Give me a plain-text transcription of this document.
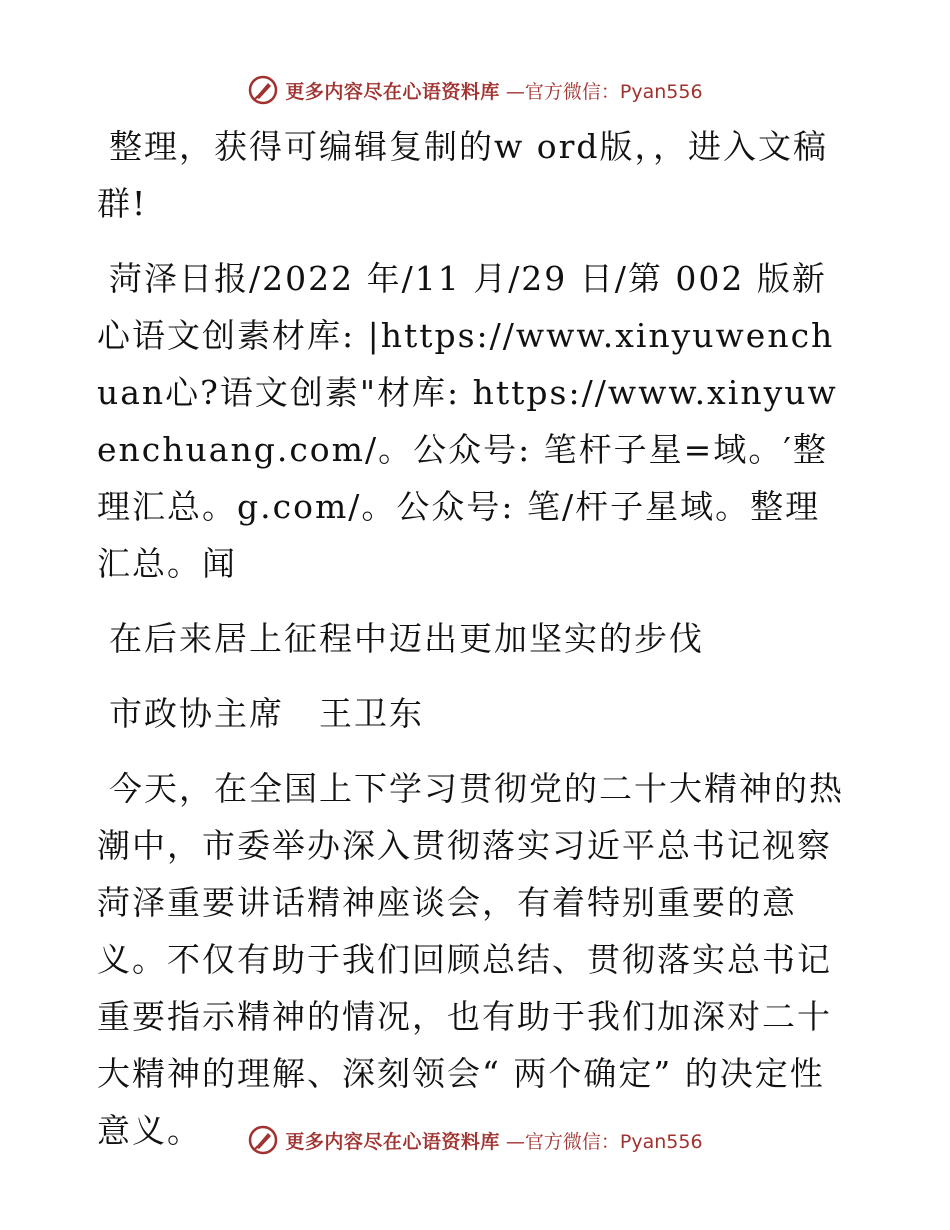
更多内容尽在心语资料库 —官方微信：Pyan556

整理，获得可编辑复制的w ord版，，进入文稿群!

菏泽日报/2022 年/11 月/29 日/第 002 版新心语文创素材库: |https://www.xinyuwenchuan心?语文创素"材库: https://www.xinyuwenchuang.com/。公众号: 笔杆子星=域。′整理汇总。g.com/。公众号: 笔/杆子星域。整理汇总。闻

在后来居上征程中迈出更加坚实的步伐

市政协主席　王卫东

今天，在全国上下学习贯彻党的二十大精神的热潮中，市委举办深入贯彻落实习近平总书记视察菏泽重要讲话精神座谈会，有着特别重要的意义。不仅有助于我们回顾总结、贯彻落实总书记重要指示精神的情况，也有助于我们加深对二十大精神的理解、深刻领会“ 两个确定” 的决定性意义。	更多内容尽在心语资料库 —官方微信：Pyan556
